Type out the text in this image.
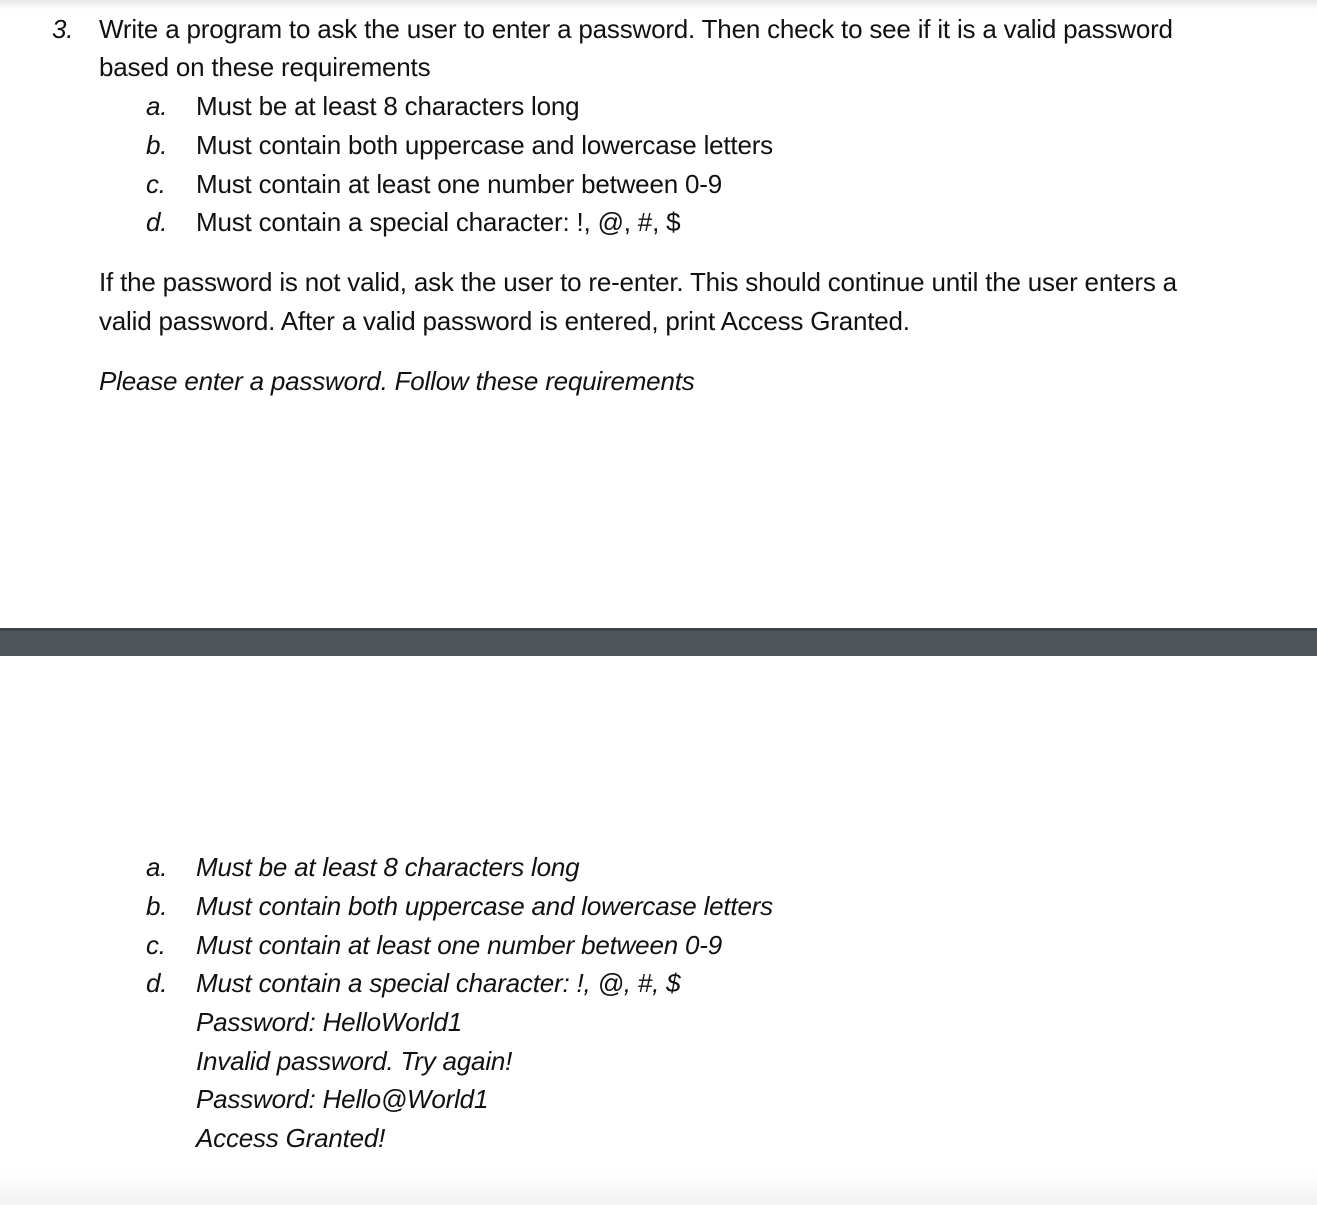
3. Write a program to ask the user to enter a password. Then check to see if it is a valid password
based on these requirements
a. Must be at least 8 characters long
b. Must contain both uppercase and lowercase letters
c. Must contain at least one number between 0-9
d. Must contain a special character: !, @, #, $
If the password is not valid, ask the user to re-enter. This should continue until the user enters a
valid password. After a valid password is entered, print Access Granted.
Please enter a password. Follow these requirements
a. Must be at least 8 characters long
b. Must contain both uppercase and lowercase letters
c. Must contain at least one number between 0-9
d. Must contain a special character: !, @, #, $
Password: HelloWorld1
Invalid password. Try again!
Password: Hello@World1
Access Granted!
